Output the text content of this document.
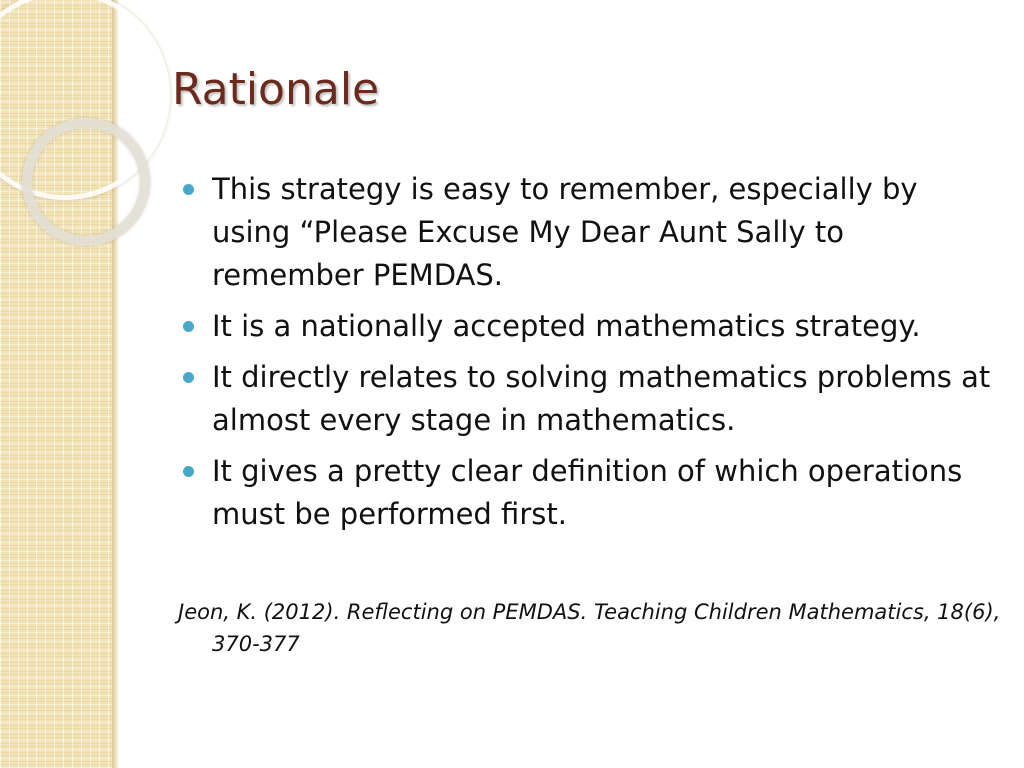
Rationale
This strategy is easy to remember, especially by using “Please Excuse My Dear Aunt Sally to remember PEMDAS.
It is a nationally accepted mathematics strategy.
It directly relates to solving mathematics problems at almost every stage in mathematics.
It gives a pretty clear definition of which operations must be performed first.

Jeon, K. (2012). Reflecting on PEMDAS. Teaching Children Mathematics, 18(6), 370-377
